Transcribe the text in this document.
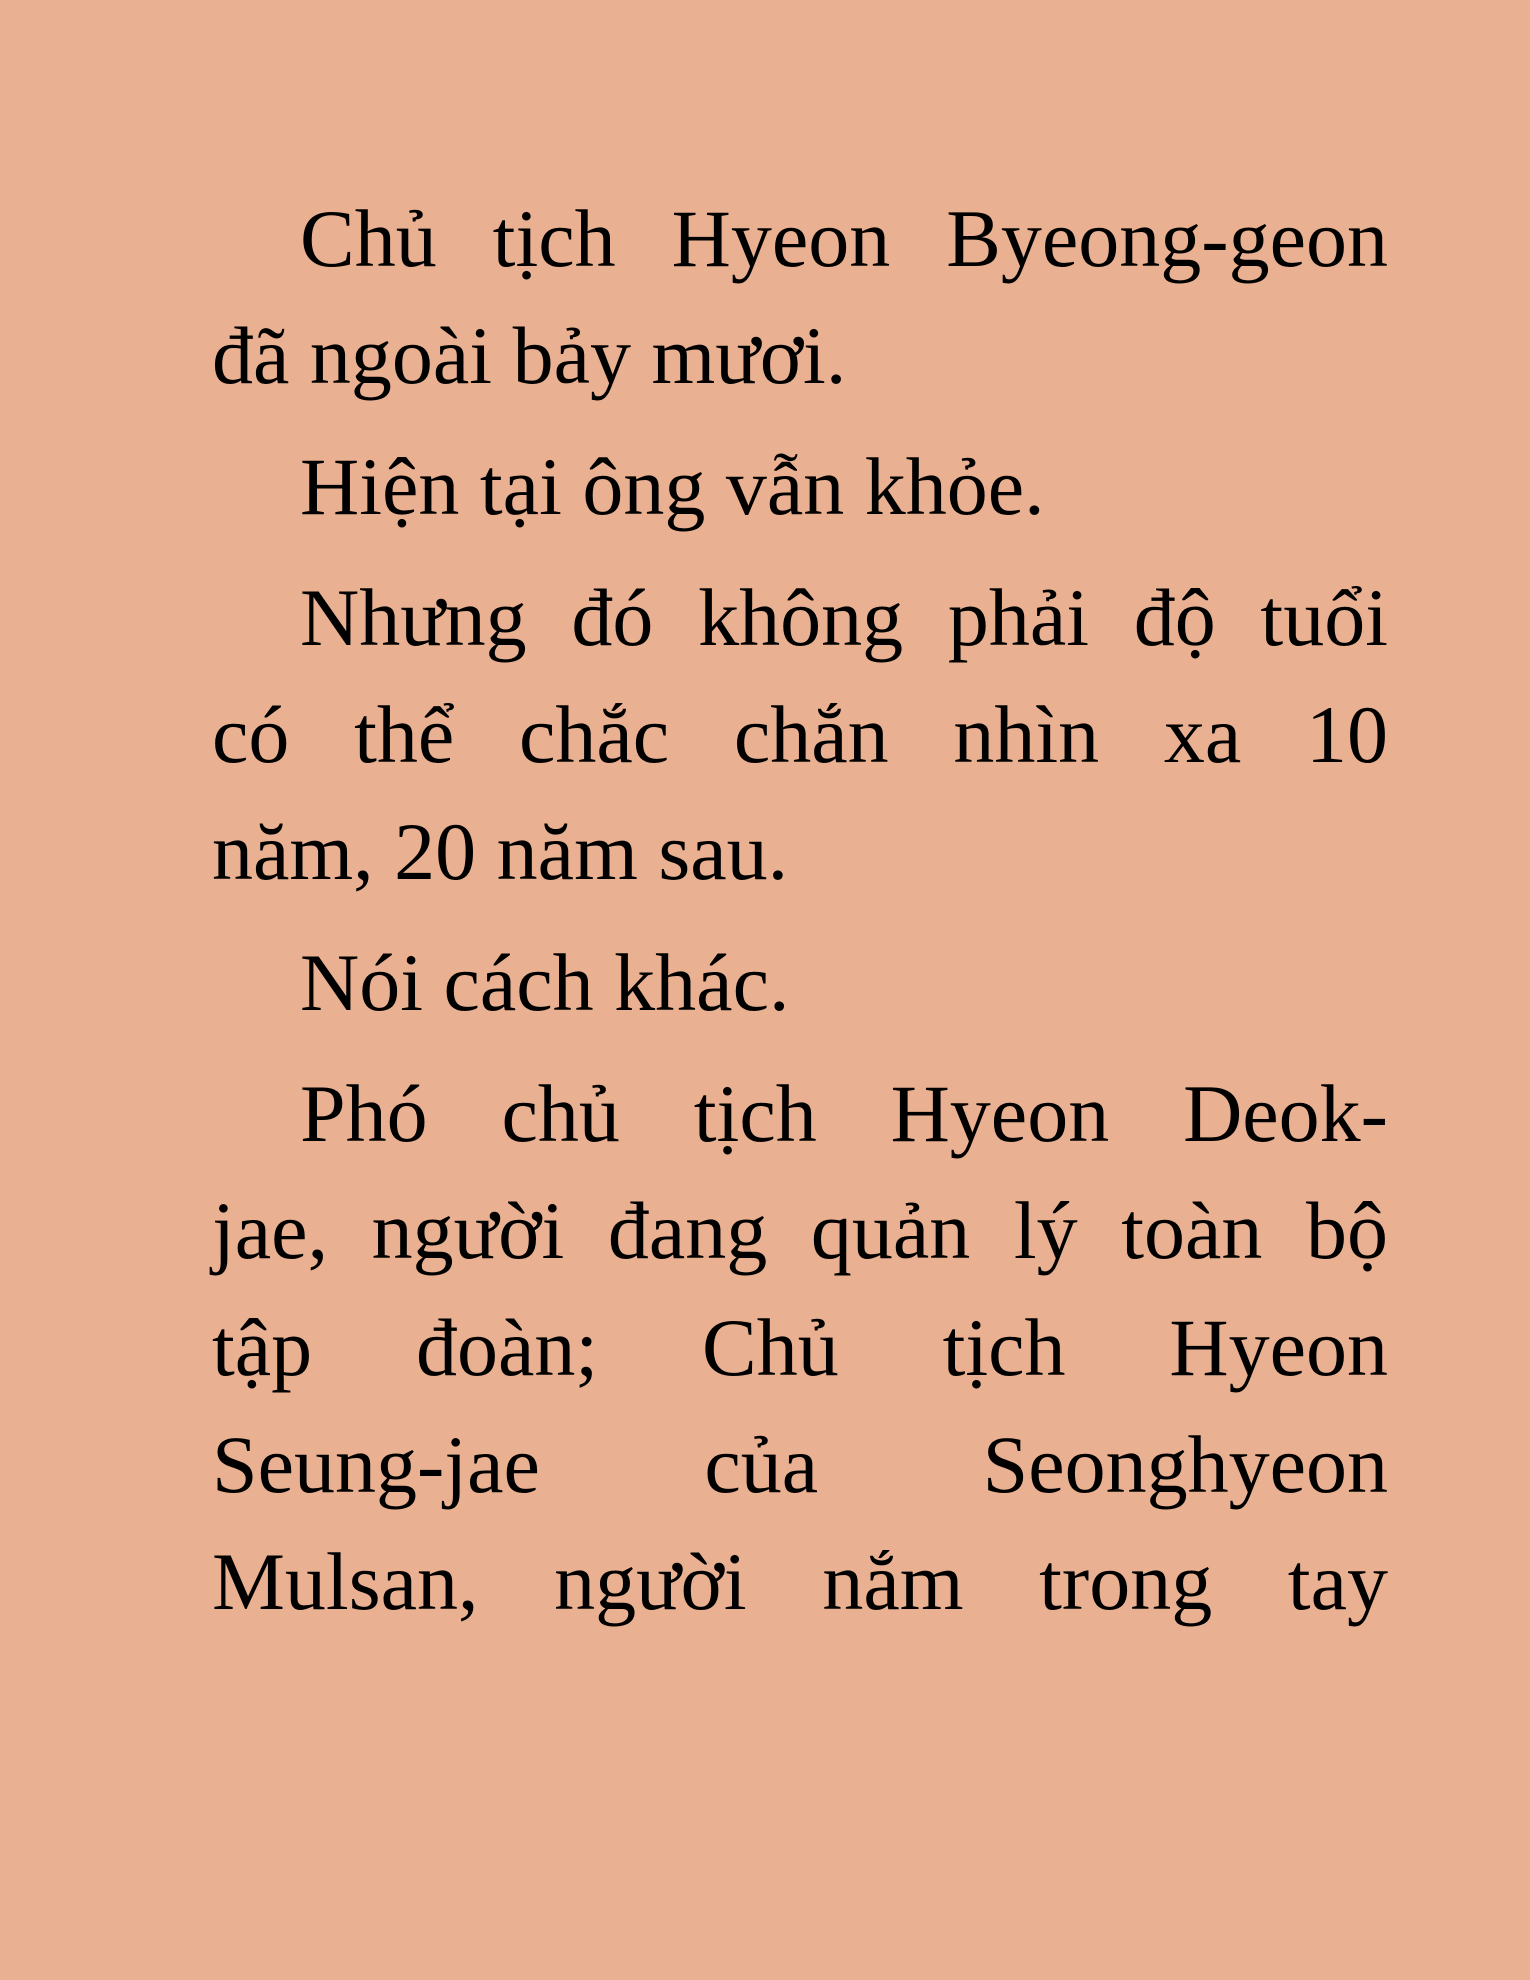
Chủ tịch Hyeon Byeong-geon
đã ngoài bảy mươi.
Hiện tại ông vẫn khỏe.
Nhưng đó không phải độ tuổi
có thể chắc chắn nhìn xa 10
năm, 20 năm sau.
Nói cách khác.
Phó chủ tịch Hyeon Deok-
jae, người đang quản lý toàn bộ
tập đoàn; Chủ tịch Hyeon
Seung-jae của Seonghyeon
Mulsan, người nắm trong tay
